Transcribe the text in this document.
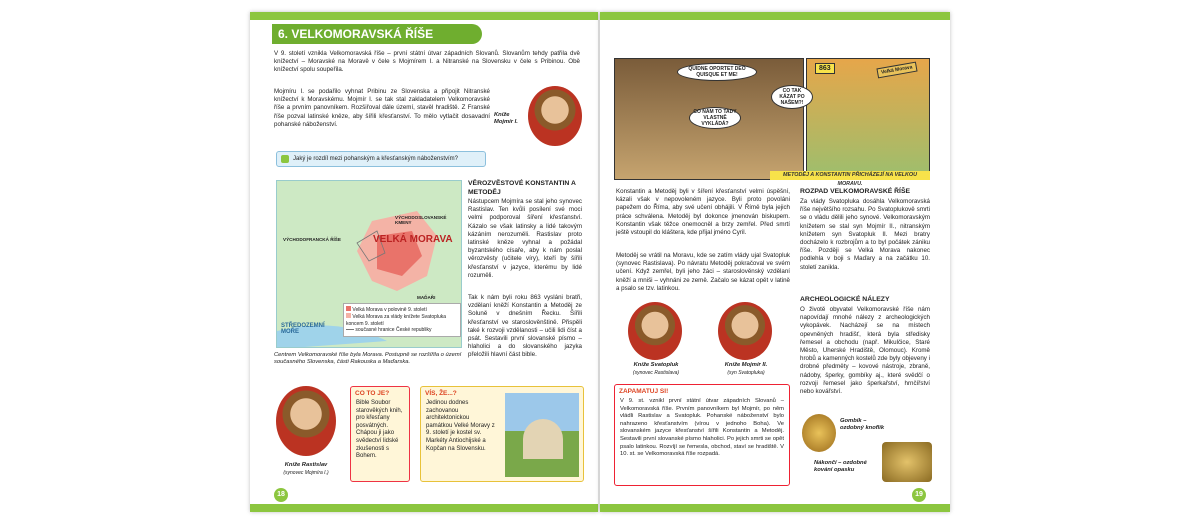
6. VELKOMORAVSKÁ ŘÍŠE

V 9. století vznikla Velkomoravská říše – první státní útvar západních Slovanů. Slovanům tehdy patřila dvě knížectví – Moravské na Moravě v čele s Mojmírem I. a Nitranské na Slovensku v čele s Pribinou. Obě knížectví spolu soupeřila.

Mojmíru I. se podařilo vyhnat Pribinu ze Slovenska a připojit Nitranské knížectví k Moravskému. Mojmír I. se tak stal zakladatelem Velkomoravské říše a prvním panovníkem. Rozšiřoval dále území, stavěl hradiště. Z Franské říše pozval latinské kněze, aby šířili křesťanství. To mělo vytlačit dosavadní pohanské náboženství.

Kníže Mojmír I.
Jaký je rozdíl mezi pohanským a křesťanským náboženstvím?
VELKÁ MORAVA
VÝCHODOSLOVANSKÉ KMENY
VÝCHODOFRANCKÁ ŘÍŠE
MAĎAŘI
STŘEDOZEMNÍ MOŘE
Velká Morava v polovině 9. století
Velká Morava za vlády knížete Svatopluka koncem 9. století
současné hranice České republiky

Centrem Velkomoravské říše byla Morava. Postupně se rozšířila o území současného Slovenska, části Rakouska a Maďarska.

VĚROZVĚSTOVÉ KONSTANTIN A METODĚJ

Nástupcem Mojmíra se stal jeho synovec Rastislav. Ten kvůli posílení své moci velmi podporoval šíření křesťanství. Kázalo se však latinsky a lidé takovým kázáním nerozuměli. Rastislav proto latinské kněze vyhnal a požádal byzantského císaře, aby k nám poslal věrozvěsty (učitele víry), kteří by šířili křesťanství v jazyce, kterému by lidé rozuměli.

Tak k nám byli roku 863 vysláni bratři, vzdělaní kněží Konstantin a Metoděj ze Soluně v dnešním Řecku. Šířili křesťanství ve staroslověnštině. Přispěli také k rozvoji vzdělanosti – učili lidi číst a psát. Sestavili první slovanské písmo – hlaholici a do slovanského jazyka přeložili hlavní část bible.

Kníže Rastislav
(synovec Mojmíra I.)
CO TO JE?
Bible Soubor starověkých knih, pro křesťany posvátných. Chápou ji jako svědectví lidské zkušenosti s Bohem.
VÍS, ŽE...?
Jedinou dodnes zachovanou architektonickou památkou Velké Moravy z 9. století je kostel sv. Markéty Antiochijské a Kopčan na Slovensku.
18
QUIDNE OPORTET DEO QUISQUE ET ME!
CO NÁM TO TADY VLASTNĚ VYKLÁDÁ?
CO TAK KÁZAT PO NAŠEM?!
863	Velká Morava
METODĚJ A KONSTANTIN PŘICHÁZEJÍ NA VELKOU MORAVU.

Konstantin a Metoděj byli v šíření křesťanství velmi úspěšní, kázali však v nepovoleném jazyce. Byli proto povoláni papežem do Říma, aby své učení obhájili. V Římě byla jejich práce schválena. Metoděj byl dokonce jmenován biskupem. Konstantin však těžce onemocněl a brzy zemřel. Před smrtí ještě vstoupil do kláštera, kde přijal jméno Cyril.

Metoděj se vrátil na Moravu, kde se zatím vlády ujal Svatopluk (synovec Rastislava). Po návratu Metoděj pokračoval ve svém učení. Když zemřel, byli jeho žáci – staroslověnský vzdělaní kněží a mniši – vyhnáni ze země. Začalo se kázat opět v latině a psalo se tzv. latinkou.

Kníže Svatopluk
(synovec Rastislava)
Kníže Mojmír II.
(syn Svatopluka)
ZAPAMATUJ SI!
V 9. st. vznikl první státní útvar západních Slovanů – Velkomoravská říše. Prvním panovníkem byl Mojmír, po něm vládli Rastislav a Svatopluk. Pohanské náboženství bylo nahrazeno křesťanstvím (vírou v jednoho Boha). Ve slovanském jazyce křesťanství šířili Konstantin a Metoděj. Sestavili první slovanské písmo hlaholici. Po jejich smrti se opět psalo latinkou. Rozvíjí se řemesla, obchod, staví se hradiště. V 10. st. se Velkomoravská říše rozpadá.
ROZPAD VELKOMORAVSKÉ ŘÍŠE

Za vlády Svatopluka dosáhla Velkomoravská říše největšího rozsahu. Po Svatoplukově smrti se o vládu dělili jeho synové. Velkomoravským knížetem se stal syn Mojmír II., nitranským knížetem syn Svatopluk II. Mezi bratry docházelo k rozbrojům a to byl počátek zániku říše. Později se Velká Morava nakonec podlehla v boji s Maďary a na začátku 10. století zanikla.

ARCHEOLOGICKÉ NÁLEZY

O životě obyvatel Velkomoravské říše nám napovídají mnohé nálezy z archeologických vykopávek. Nacházejí se na místech opevněných hradišť, která byla středisky řemesel a obchodu (např. Mikulčice, Staré Město, Uherské Hradiště, Olomouc). Kromě hrobů a kamenných kostelů zde byly objeveny i drobné předměty – kovové nástroje, zbraně, nádoby, šperky, gombíky aj., které svědčí o rozvoji řemesel jako šperkařství, hrnčířství nebo kovářství.

Gombík – ozdobný knoflík
Nákončí – ozdobné kování opasku
19
